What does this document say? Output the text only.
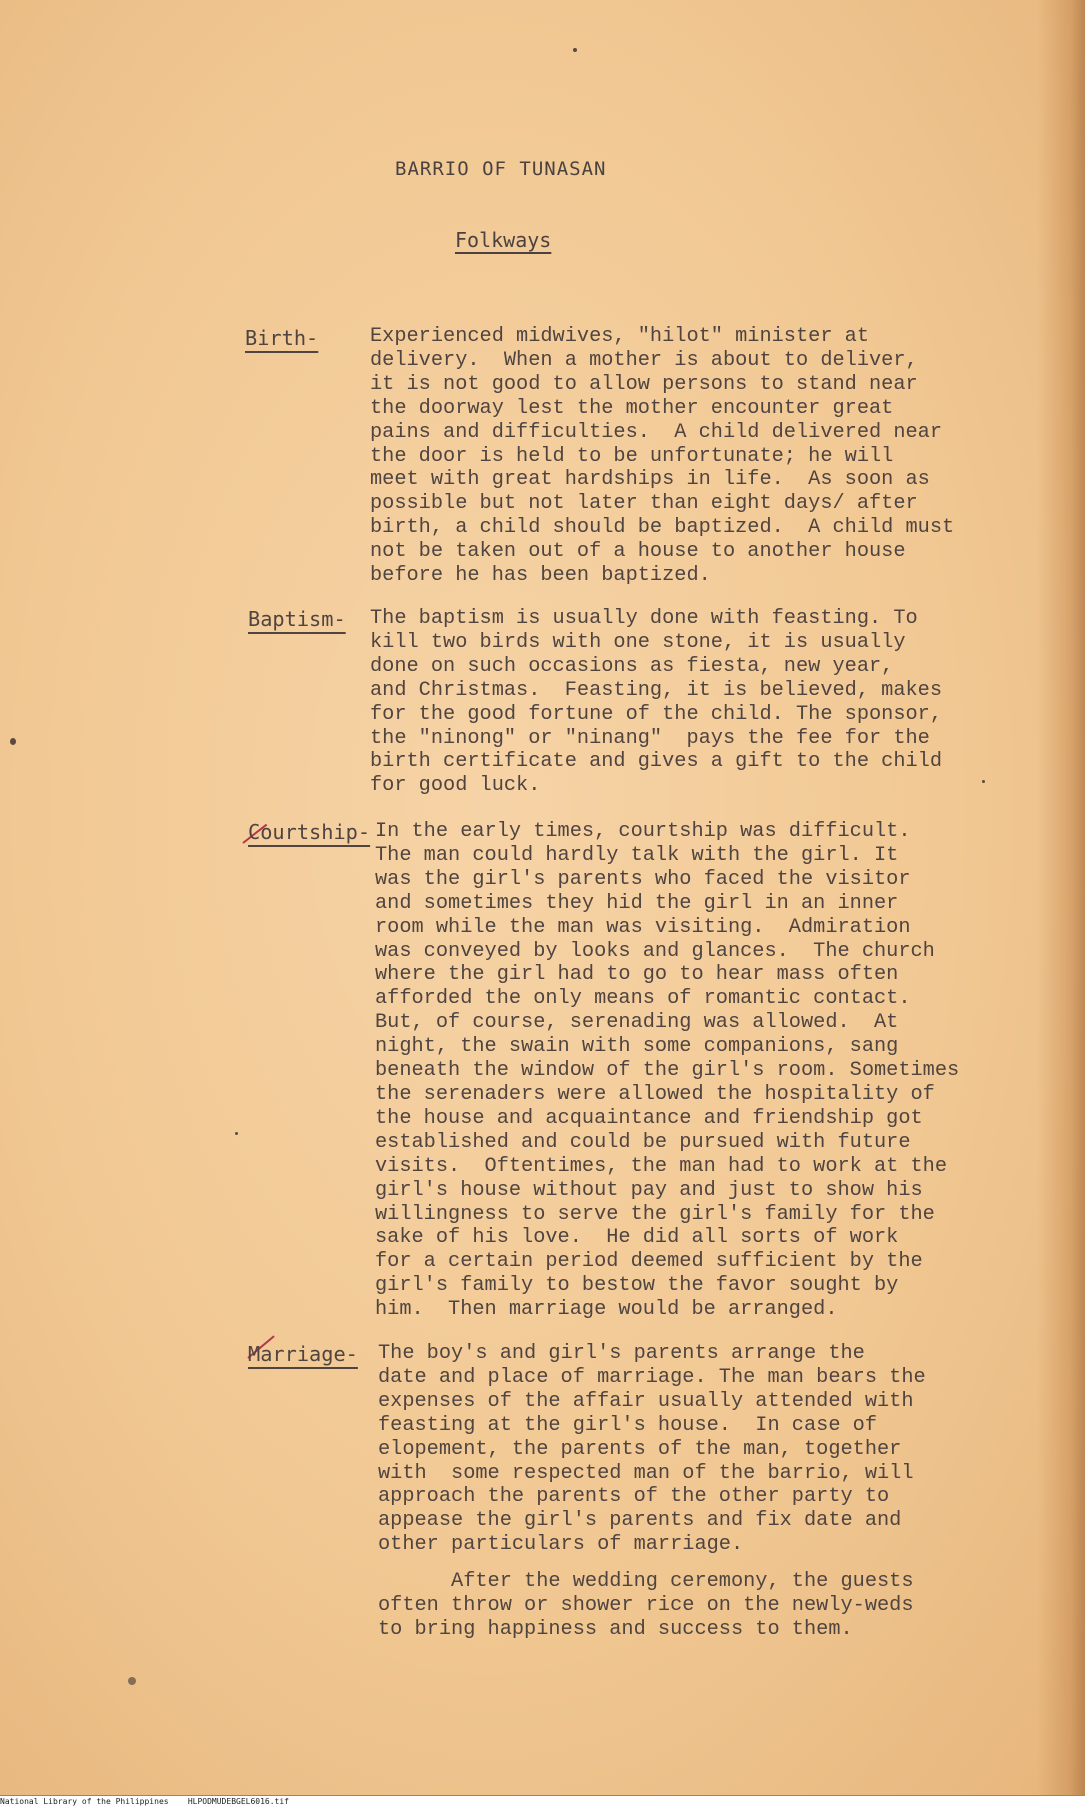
BARRIO OF TUNASAN
Folkways
Birth-	Experienced midwives, "hilot" minister at
delivery.  When a mother is about to deliver,
it is not good to allow persons to stand near
the doorway lest the mother encounter great
pains and difficulties.  A child delivered near
the door is held to be unfortunate; he will
meet with great hardships in life.  As soon as
possible but not later than eight days/ after
birth, a child should be baptized.  A child must
not be taken out of a house to another house
before he has been baptized.
Baptism- The baptism is usually done with feasting. To
kill two birds with one stone, it is usually
done on such occasions as fiesta, new year,
and Christmas.  Feasting, it is believed, makes
for the good fortune of the child. The sponsor,
the "ninong" or "ninang"  pays the fee for the
birth certificate and gives a gift to the child
for good luck.
Courtship- In the early times, courtship was difficult.
The man could hardly talk with the girl. It
was the girl's parents who faced the visitor
and sometimes they hid the girl in an inner
room while the man was visiting.  Admiration
was conveyed by looks and glances.  The church
where the girl had to go to hear mass often
afforded the only means of romantic contact.
But, of course, serenading was allowed.  At
night, the swain with some companions, sang
beneath the window of the girl's room. Sometimes
the serenaders were allowed the hospitality of
the house and acquaintance and friendship got
established and could be pursued with future
visits.  Oftentimes, the man had to work at the
girl's house without pay and just to show his
willingness to serve the girl's family for the
sake of his love.  He did all sorts of work
for a certain period deemed sufficient by the
girl's family to bestow the favor sought by
him.  Then marriage would be arranged.
Marriage- The boy's and girl's parents arrange the
date and place of marriage. The man bears the
expenses of the affair usually attended with
feasting at the girl's house.  In case of
elopement, the parents of the man, together
with  some respected man of the barrio, will
approach the parents of the other party to
appease the girl's parents and fix date and
other particulars of marriage.
After the wedding ceremony, the guests
often throw or shower rice on the newly-weds
to bring happiness and success to them.
National Library of the Philippines    HLPODMUDEBGEL6016.tif
